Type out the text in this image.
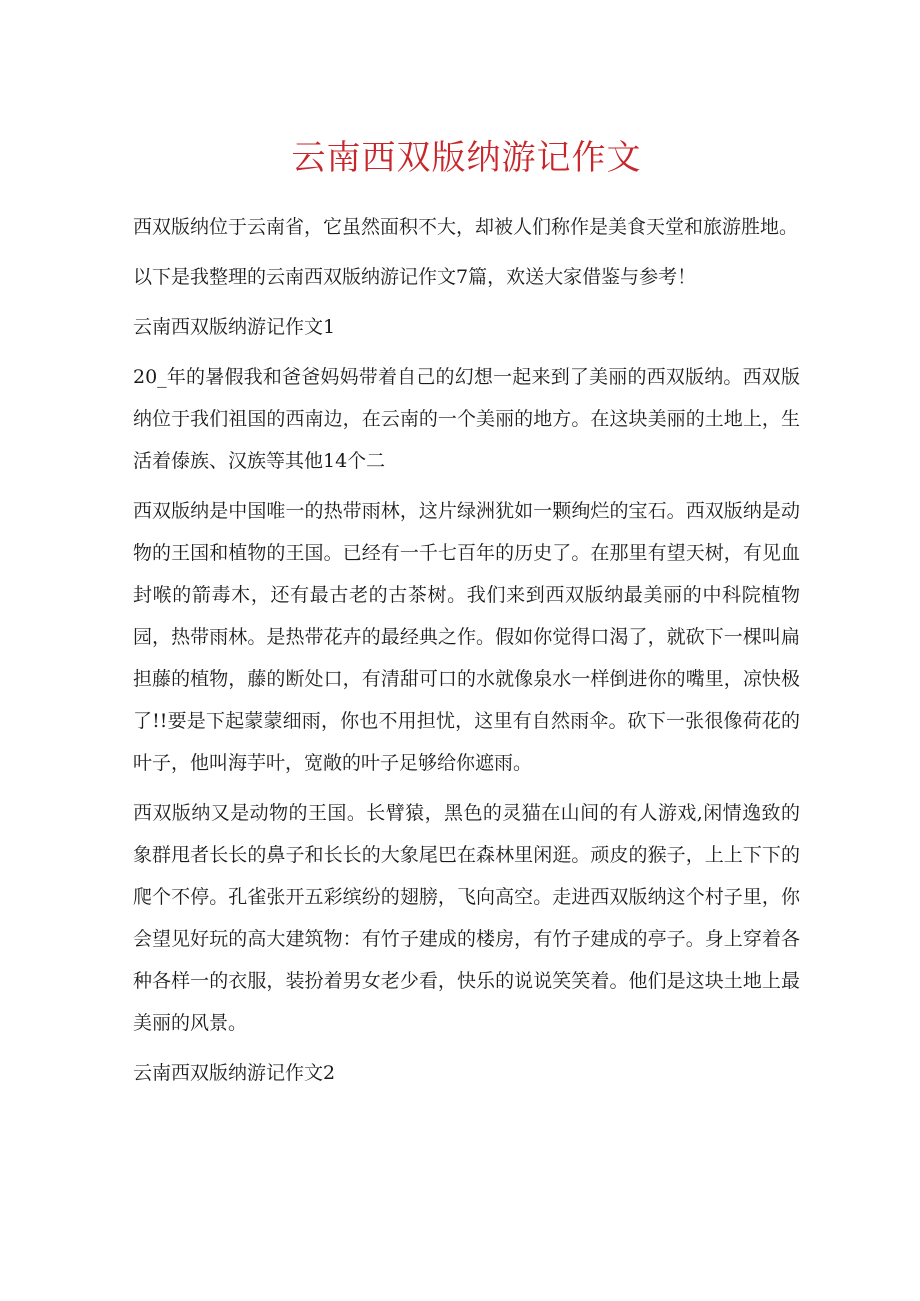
云南西双版纳游记作文

西双版纳位于云南省，它虽然面积不大，却被人们称作是美食天堂和旅游胜地。

以下是我整理的云南西双版纳游记作文7篇，欢送大家借鉴与参考！

云南西双版纳游记作文1

20_年的暑假我和爸爸妈妈带着自己的幻想一起来到了美丽的西双版纳。西双版纳位于我们祖国的西南边，在云南的一个美丽的地方。在这块美丽的土地上，生活着傣族、汉族等其他14个二

西双版纳是中国唯一的热带雨林，这片绿洲犹如一颗绚烂的宝石。西双版纳是动物的王国和植物的王国。已经有一千七百年的历史了。在那里有望天树，有见血封喉的箭毒木，还有最古老的古茶树。我们来到西双版纳最美丽的中科院植物园，热带雨林。是热带花卉的最经典之作。假如你觉得口渴了，就砍下一棵叫扁担藤的植物，藤的断处口，有清甜可口的水就像泉水一样倒进你的嘴里，凉快极了!!要是下起蒙蒙细雨，你也不用担忧，这里有自然雨伞。砍下一张很像荷花的叶子，他叫海芋叶，宽敞的叶子足够给你遮雨。

西双版纳又是动物的王国。长臂猿，黑色的灵猫在山间的有人游戏,闲情逸致的象群甩者长长的鼻子和长长的大象尾巴在森林里闲逛。顽皮的猴子，上上下下的爬个不停。孔雀张开五彩缤纷的翅膀，飞向高空。走进西双版纳这个村子里，你会望见好玩的高大建筑物：有竹子建成的楼房，有竹子建成的亭子。身上穿着各种各样一的衣服，装扮着男女老少看，快乐的说说笑笑着。他们是这块土地上最美丽的风景。

云南西双版纳游记作文2
